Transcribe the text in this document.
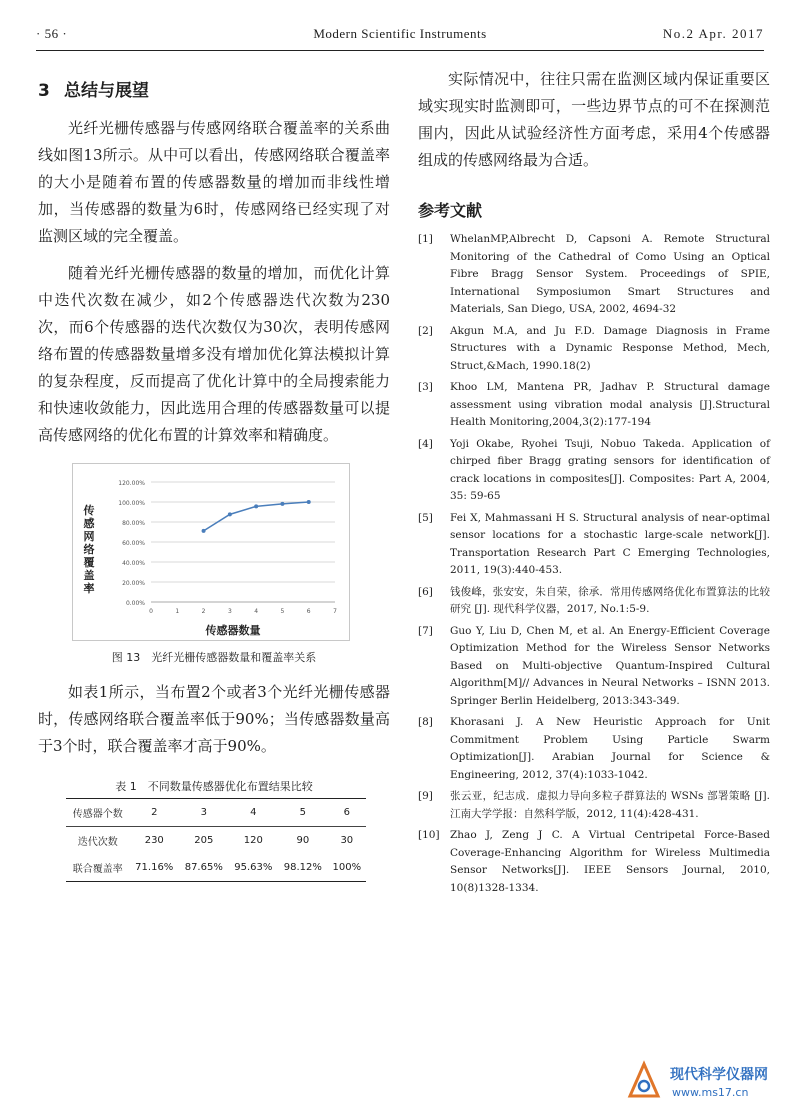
· 56 ·	Modern Scientific Instruments	No.2 Apr. 2017
3 总结与展望

光纤光栅传感器与传感网络联合覆盖率的关系曲线如图13所示。从中可以看出，传感网络联合覆盖率的大小是随着布置的传感器数量的增加而非线性增加，当传感器的数量为6时，传感网络已经实现了对监测区域的完全覆盖。

随着光纤光栅传感器的数量的增加，而优化计算中迭代次数在减少，如2个传感器迭代次数为230次，而6个传感器的迭代次数仅为30次，表明传感网络布置的传感器数量增多没有增加优化算法模拟计算的复杂程度，反而提高了优化计算中的全局搜索能力和快速收敛能力，因此选用合理的传感器数量可以提高传感网络的优化布置的计算效率和精确度。

0.00%
20.00%
40.00%
60.00%
80.00%
100.00%
120.00%
0	1	2	3	4	5	6	7
传感器数量
传感网络覆盖率
图 13　光纤光栅传感器数量和覆盖率关系

如表1所示，当布置2个或者3个光纤光栅传感器时，传感网络联合覆盖率低于90%；当传感器数量高于3个时，联合覆盖率才高于90%。

表 1　不同数量传感器优化布置结果比较
传感器个数	2	3	4	5	6
迭代次数	230	205	120	90	30
联合覆盖率	71.16%	87.65%	95.63%	98.12%	100%

实际情况中，往往只需在监测区域内保证重要区域实现实时监测即可，一些边界节点的可不在探测范围内，因此从试验经济性方面考虑，采用4个传感器组成的传感网络最为合适。

参考文献
[1]	WhelanMP,Albrecht D, Capsoni A. Remote Structural Monitoring of the Cathedral of Como Using an Optical Fibre Bragg Sensor System. Proceedings of SPIE, International Symposiumon Smart Structures and Materials, San Diego, USA, 2002, 4694-32
[2]	Akgun M.A, and Ju F.D. Damage Diagnosis in Frame Structures with a Dynamic Response Method, Mech, Struct,&Mach, 1990.18(2)
[3]	Khoo LM, Mantena PR, Jadhav P. Structural damage assessment using vibration modal analysis [J].Structural Health Monitoring,2004,3(2):177-194
[4]	Yoji Okabe, Ryohei Tsuji, Nobuo Takeda. Application of chirped fiber Bragg grating sensors for identification of crack locations in composites[J]. Composites: Part A, 2004, 35: 59-65
[5]	Fei X, Mahmassani H S. Structural analysis of near-optimal sensor locations for a stochastic large-scale network[J]. Transportation Research Part C Emerging Technologies, 2011, 19(3):440-453.
[6]	钱俊峰，张安安，朱自荣，徐承．常用传感网络优化布置算法的比较研究 [J]. 现代科学仪器，2017, No.1:5-9.
[7]	Guo Y, Liu D, Chen M, et al. An Energy-Efficient Coverage Optimization Method for the Wireless Sensor Networks Based on Multi-objective Quantum-Inspired Cultural Algorithm[M]// Advances in Neural Networks – ISNN 2013. Springer Berlin Heidelberg, 2013:343-349.
[8]	Khorasani J. A New Heuristic Approach for Unit Commitment Problem Using Particle Swarm Optimization[J]. Arabian Journal for Science & Engineering, 2012, 37(4):1033-1042.
[9]	张云亚，纪志成．虚拟力导向多粒子群算法的 WSNs 部署策略 [J]. 江南大学学报：自然科学版，2012, 11(4):428-431.
[10] Zhao J, Zeng J C. A Virtual Centripetal Force-Based Coverage-Enhancing Algorithm for Wireless Multimedia Sensor Networks[J]. IEEE Sensors Journal, 2010, 10(8)1328-1334.
现代科学仪器网
www.ms17.cn
